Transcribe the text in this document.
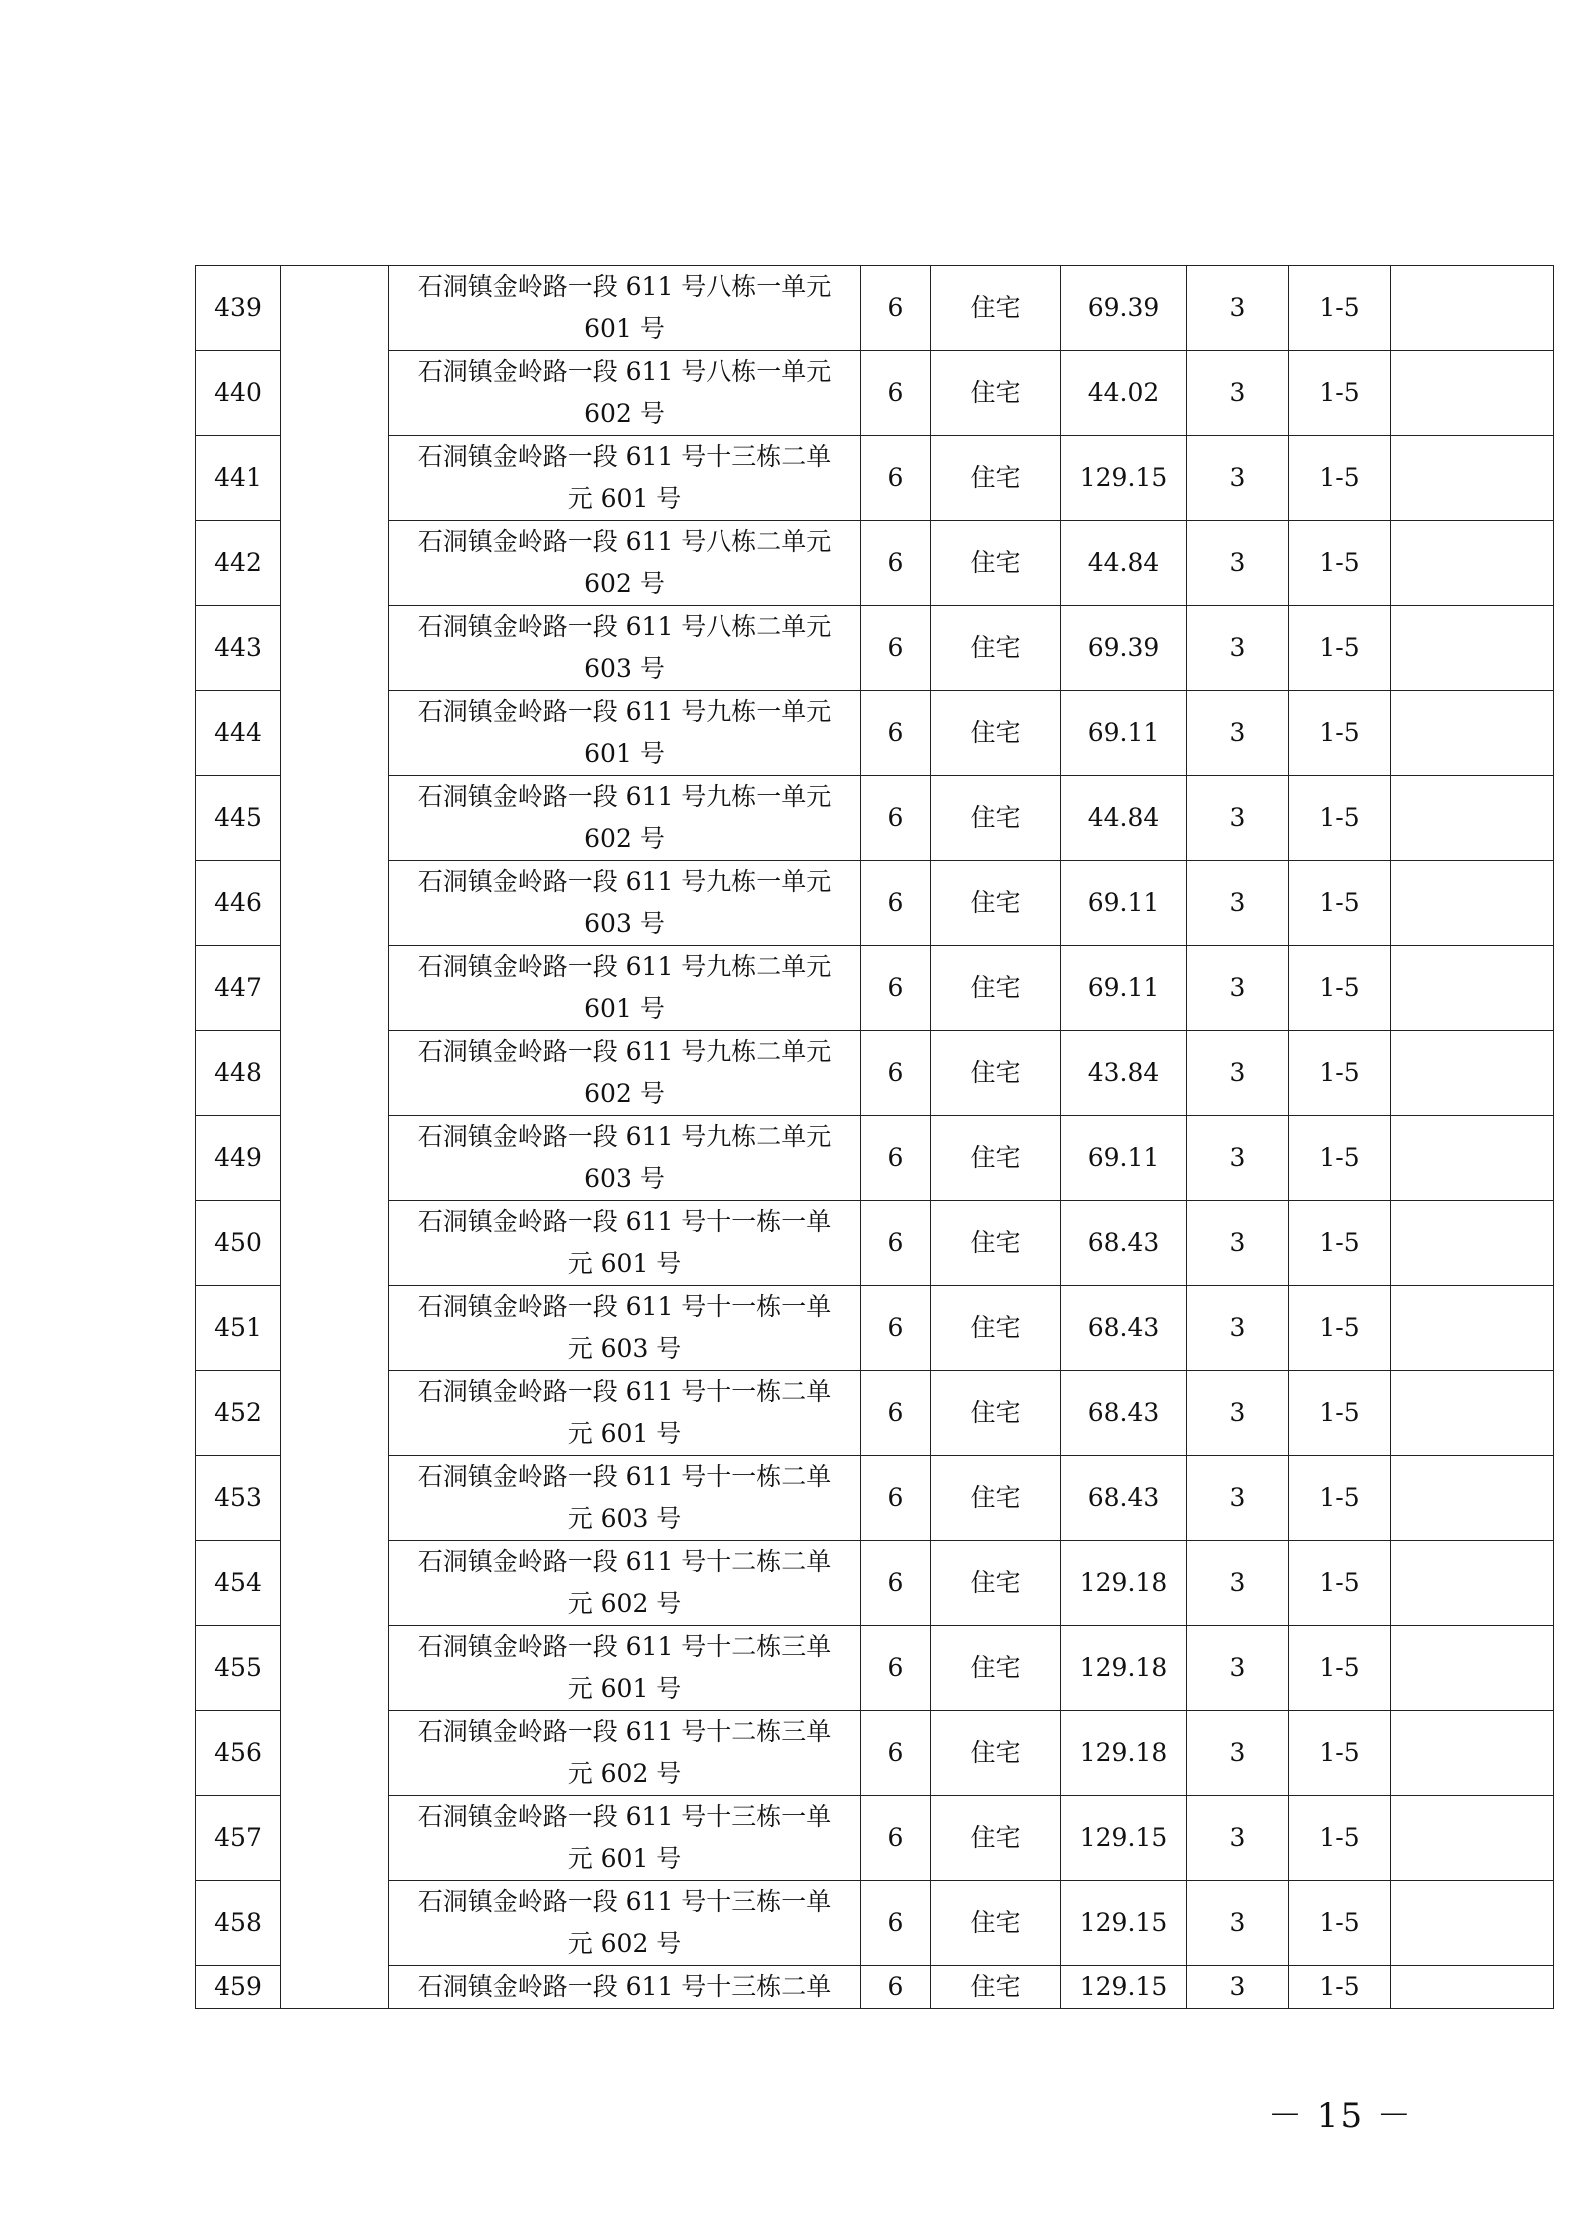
439		石洞镇金岭路一段 611 号八栋一单元
601 号	6	住宅	69.39	3	1-5	
440		石洞镇金岭路一段 611 号八栋一单元
602 号	6	住宅	44.02	3	1-5	
441		石洞镇金岭路一段 611 号十三栋二单
元 601 号	6	住宅	129.15	3	1-5	
442		石洞镇金岭路一段 611 号八栋二单元
602 号	6	住宅	44.84	3	1-5	
443		石洞镇金岭路一段 611 号八栋二单元
603 号	6	住宅	69.39	3	1-5	
444		石洞镇金岭路一段 611 号九栋一单元
601 号	6	住宅	69.11	3	1-5	
445		石洞镇金岭路一段 611 号九栋一单元
602 号	6	住宅	44.84	3	1-5	
446		石洞镇金岭路一段 611 号九栋一单元
603 号	6	住宅	69.11	3	1-5	
447		石洞镇金岭路一段 611 号九栋二单元
601 号	6	住宅	69.11	3	1-5	
448		石洞镇金岭路一段 611 号九栋二单元
602 号	6	住宅	43.84	3	1-5	
449		石洞镇金岭路一段 611 号九栋二单元
603 号	6	住宅	69.11	3	1-5	
450		石洞镇金岭路一段 611 号十一栋一单
元 601 号	6	住宅	68.43	3	1-5	
451		石洞镇金岭路一段 611 号十一栋一单
元 603 号	6	住宅	68.43	3	1-5	
452		石洞镇金岭路一段 611 号十一栋二单
元 601 号	6	住宅	68.43	3	1-5	
453		石洞镇金岭路一段 611 号十一栋二单
元 603 号	6	住宅	68.43	3	1-5	
454		石洞镇金岭路一段 611 号十二栋二单
元 602 号	6	住宅	129.18	3	1-5	
455		石洞镇金岭路一段 611 号十二栋三单
元 601 号	6	住宅	129.18	3	1-5	
456		石洞镇金岭路一段 611 号十二栋三单
元 602 号	6	住宅	129.18	3	1-5	
457		石洞镇金岭路一段 611 号十三栋一单
元 601 号	6	住宅	129.15	3	1-5	
458		石洞镇金岭路一段 611 号十三栋一单
元 602 号	6	住宅	129.15	3	1-5	
459		石洞镇金岭路一段 611 号十三栋二单	6	住宅	129.15	3	1-5	
－ 15 －
